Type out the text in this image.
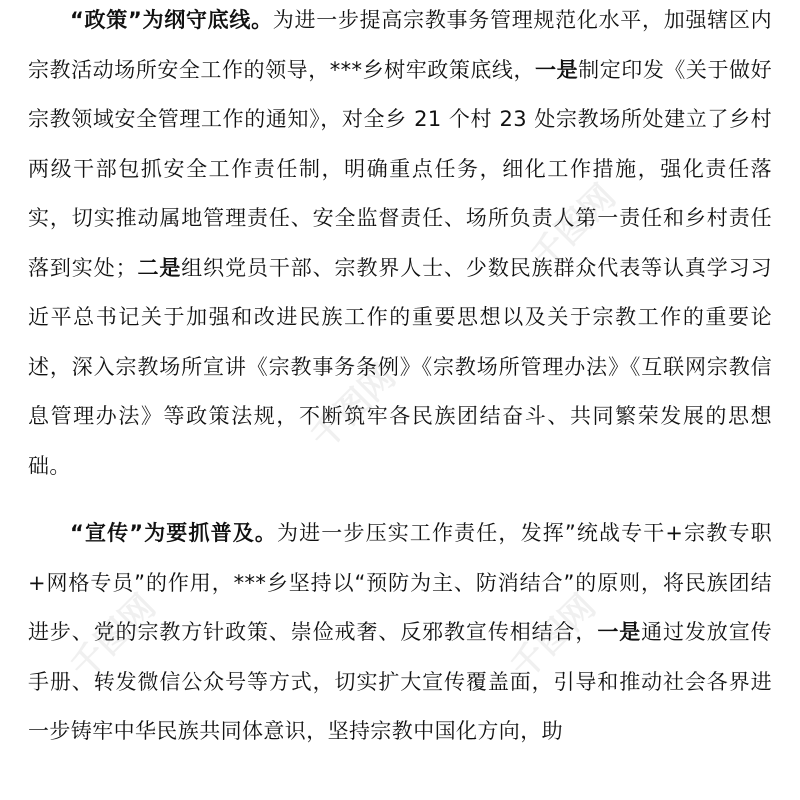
千图网
千图网
千图网	千图网

“政策”为纲守底线。为进一步提高宗教事务管理规范化水平，加强辖区内宗教活动场所安全工作的领导，***乡树牢政策底线，一是制定印发《关于做好宗教领域安全管理工作的通知》，对全乡 21 个村 23 处宗教场所处建立了乡村两级干部包抓安全工作责任制，明确重点任务，细化工作措施，强化责任落实，切实推动属地管理责任、安全监督责任、场所负责人第一责任和乡村责任落到实处；二是组织党员干部、宗教界人士、少数民族群众代表等认真学习习近平总书记关于加强和改进民族工作的重要思想以及关于宗教工作的重要论述，深入宗教场所宣讲《宗教事务条例》《宗教场所管理办法》《互联网宗教信息管理办法》等政策法规，不断筑牢各民族团结奋斗、共同繁荣发展的思想础。

“宣传”为要抓普及。为进一步压实工作责任，发挥”统战专干+宗教专职+网格专员”的作用，***乡坚持以“预防为主、防消结合”的原则，将民族团结进步、党的宗教方针政策、崇俭戒奢、反邪教宣传相结合，一是通过发放宣传手册、转发微信公众号等方式，切实扩大宣传覆盖面，引导和推动社会各界进一步铸牢中华民族共同体意识，坚持宗教中国化方向，助
